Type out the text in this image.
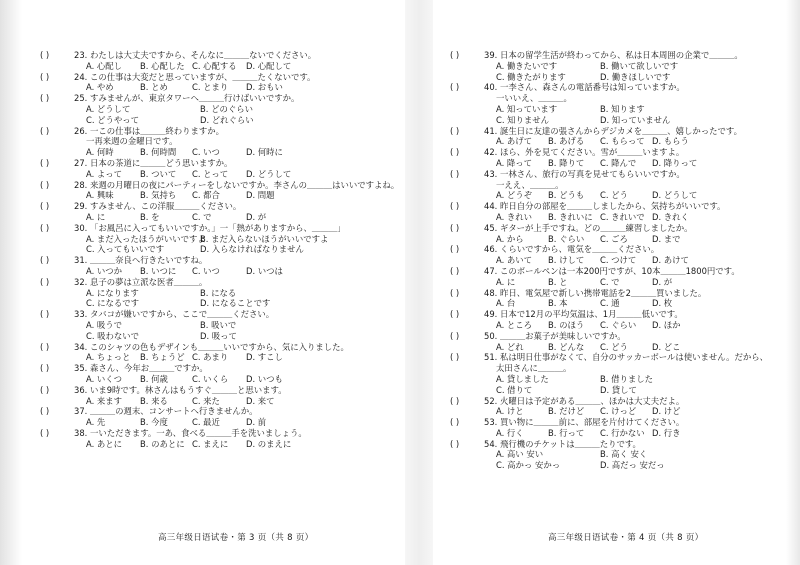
( )	23. わたしは大丈夫ですから、そんなに＿＿＿ないでください。
A. 心配し B. 心配した C. 心配する D. 心配して
( )	24. この仕事は大変だと思っていますが、＿＿＿たくないです。
A. やめ	B. とめ	C. とまり D. おもい
( )	25. すみませんが、東京タワーへ＿＿＿行けばいいですか。
A. どうして	B. どのぐらい
C. どうやって	D. どれぐらい
( )	26. 一この仕事は＿＿＿終わりますか。
一再来週の金曜日です。
A. 何時	B. 何時間 C. いつ	D. 何時に
( )	27. 日本の茶道に＿＿＿どう思いますか。
A. よって B. ついて C. とって D. どうして
( )	28. 来週の月曜日の夜にパーティーをしないですか。李さんの＿＿＿はいいですよね。
A. 興味	B. 気持ち C. 都合	D. 問題
( )	29. すみません、この洋服＿＿＿ください。
A. に	B. を	C. で	D. が
( )	30. 「お風呂に入ってもいいですか。」一「熱がありますから、＿＿＿」
A. まだ入ったほうがいいですよ
B. まだ入らないほうがいいですよ
C. 入ってもいいです	D. 入らなければなりません
( )	31. ＿＿＿奈良へ行きたいですね。
A. いつか B. いつに C. いつ	D. いつは
( )	32. 息子の夢は立派な医者＿＿＿。
A. になります	B. になる
C. になるです	D. になることです
( )	33. タバコが嫌いですから、ここで＿＿＿ください。
A. 吸うで	B. 吸いで
C. 吸わないで	D. 吸って
( )	34. このシャツの色もデザインも＿＿＿いいですから、気に入りました。
A. ちょっと B. ちょうど C. あまり D. すこし
( )	35. 森さん、今年お＿＿＿ですか。
A. いくつ B. 何歳	C. いくら D. いつも
( )	36. いま9時です。林さんはもうすぐ＿＿＿と思います。
A. 来ます B. 来る	C. 来た	D. 来て
( )	37. ＿＿＿の週末、コンサートへ行きませんか。
A. 先	B. 今度	C. 最近	D. 前
( )	38. 一いただきます。一あ、食べる＿＿＿手を洗いましょう。
A. あとに B. のあとに C. まえに D. のまえに
( )	39. 日本の留学生活が終わってから、私は日本周囲の企業で＿＿＿。
A. 働きたいです	B. 働いて欲しいです
C. 働きたがります	D. 働きほしいです
( )	40. 一李さん、森さんの電話番号は知っていますか。
一いいえ、＿＿＿。
A. 知っています	B. 知ります
C. 知りません	D. 知っていません
( )	41. 誕生日に友達の張さんからデジカメを＿＿＿、嬉しかったです。
A. あげて B. あげる C. もらって D. もらう
( )	42. ほら、外を見てください。雪が＿＿＿いますよ。
A. 降って B. 降りて C. 降んで D. 降りって
( )	43. 一林さん、旅行の写真を見せてもらいいですか。
一ええ、＿＿＿。
A. どうぞ B. どうも C. どう	D. どうして
( )	44. 昨日自分の部屋を＿＿＿しましたから、気持ちがいいです。
A. きれい B. きれいに C. きれいで D. きれく
( )	45. ギターが上手ですね。どの＿＿＿練習しましたか。
A. から	B. ぐらい C. ごろ	D. まで
( )	46. くらいですから、電気を＿＿＿ください。
A. あいて B. けして C. つけて D. あけて
( )	47. このボールペンは一本200円ですが、10本＿＿＿1800円です。
A. に	B. と	C. で	D. が
( )	48. 昨日、電気屋で新しい携帯電話を2＿＿＿買いました。
A. 台	B. 本	C. 通	D. 枚
( )	49. 日本で12月の平均気温は、1月＿＿＿低いです。
A. ところ B. のほう C. ぐらい D. ほか
( )	50. ＿＿＿お菓子が美味しいですか。
A. どれ	B. どんな C. どう	D. どこ
( )	51. 私は明日仕事がなくて、自分のサッカーボールは使いません。だから、
太田さんに＿＿＿。
A. 貸しました	B. 借りました
C. 借りて	D. 貸して
( )	52. 火曜日は予定がある＿＿＿、ほかは大丈夫だよ。
A. けと	B. だけど C. けっど D. けど
( )	53. 買い物に＿＿＿前に、部屋を片付けてください。
A. 行く	B. 行って C. 行かない D. 行き
( )	54. 飛行機のチケットは＿＿＿たりです。
A. 高い 安い	B. 高く 安く
C. 高かっ 安かっ	D. 高だっ 安だっ
高三年级日语试卷・第 3 页（共 8 页）	高三年级日语试卷・第 4 页（共 8 页）
